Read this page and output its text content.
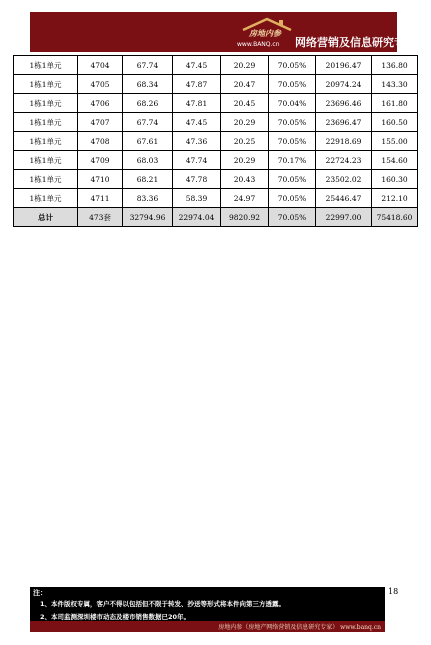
房地内参
www.BANQ.cn 网络营销及信息研究专家
1栋1单元	4704	67.74	47.45	20.29	70.05%	20196.47	136.80
1栋1单元	4705	68.34	47.87	20.47	70.05%	20974.24	143.30
1栋1单元	4706	68.26	47.81	20.45	70.04%	23696.46	161.80
1栋1单元	4707	67.74	47.45	20.29	70.05%	23696.47	160.50
1栋1单元	4708	67.61	47.36	20.25	70.05%	22918.69	155.00
1栋1单元	4709	68.03	47.74	20.29	70.17%	22724.23	154.60
1栋1单元	4710	68.21	47.78	20.43	70.05%	23502.02	160.30
1栋1单元	4711	83.36	58.39	24.97	70.05%	25446.47	212.10
总计	473套	32794.96	22974.04	9820.92	70.05%	22997.00	75418.60
18
注：
1、本件版权专属，客户不得以包括但不限于转发、抄送等形式将本件向第三方透露。
2、本司监测深圳楼市动态及楼市销售数据已20年。
房地内参（房地产网络营销及信息研究专家） www.banq.cn
